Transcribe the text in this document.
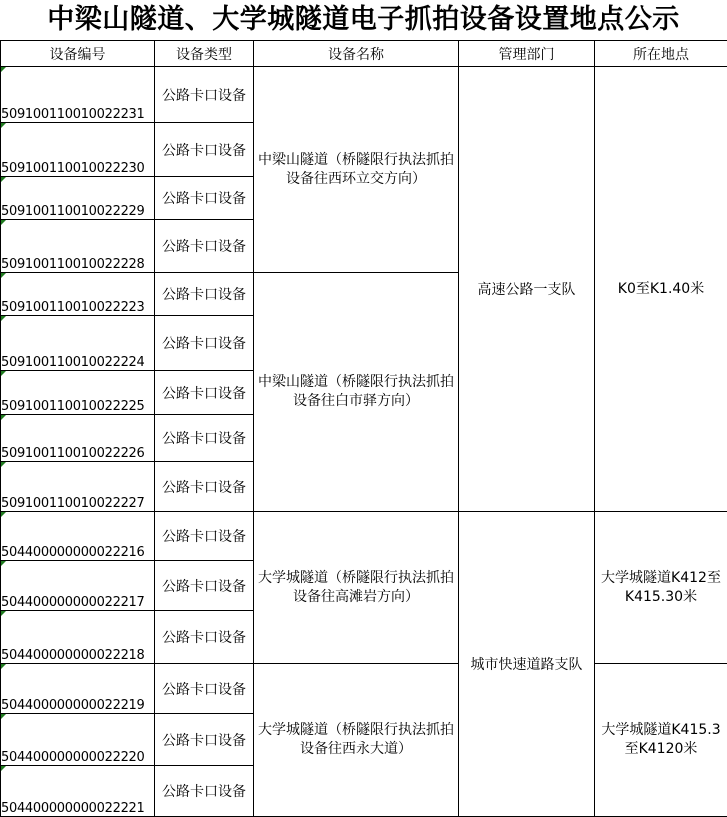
中梁山隧道、大学城隧道电子抓拍设备设置地点公示
设备编号	设备类型	设备名称	管理部门	所在地点
509100110010022231	公路卡口设备	中梁山隧道（桥隧限行执法抓拍设备往西环立交方向）	高速公路一支队	K0至K1.40米
509100110010022230	公路卡口设备			
509100110010022229	公路卡口设备			
509100110010022228	公路卡口设备			
509100110010022223	公路卡口设备	中梁山隧道（桥隧限行执法抓拍设备往白市驿方向）		
509100110010022224	公路卡口设备			
509100110010022225	公路卡口设备			
509100110010022226	公路卡口设备			
509100110010022227	公路卡口设备			
504400000000022216	公路卡口设备	大学城隧道（桥隧限行执法抓拍设备往高滩岩方向）	城市快速道路支队	大学城隧道K412至K415.30米
504400000000022217	公路卡口设备			
504400000000022218	公路卡口设备			
504400000000022219	公路卡口设备	大学城隧道（桥隧限行执法抓拍设备往西永大道）		大学城隧道K415.3至K4120米
504400000000022220	公路卡口设备			
504400000000022221	公路卡口设备			
